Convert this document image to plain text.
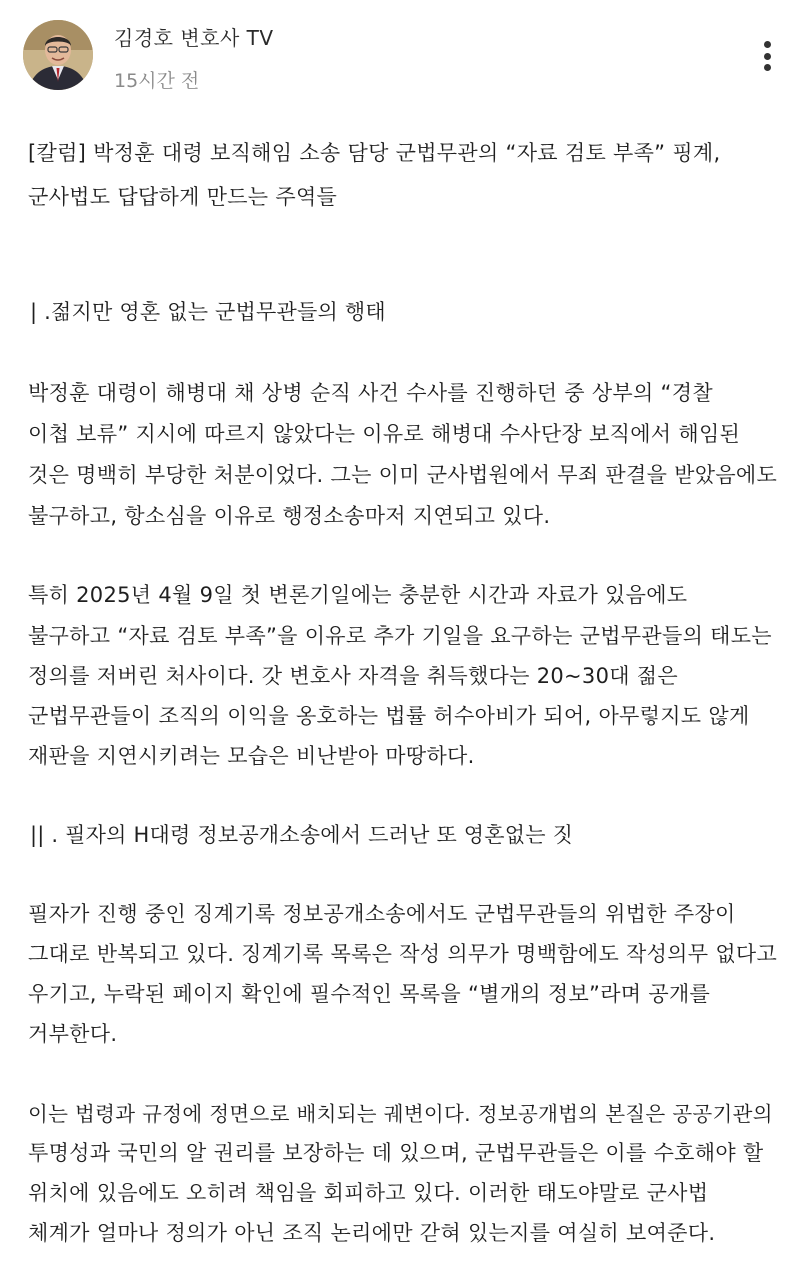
김경호 변호사 TV
15시간 전
[칼럼] 박정훈 대령 보직해임 소송 담당 군법무관의 “자료 검토 부족” 핑계,
군사법도 답답하게 만드는 주역들
| .젊지만 영혼 없는 군법무관들의 행태
박정훈 대령이 해병대 채 상병 순직 사건 수사를 진행하던 중 상부의 “경찰
이첩 보류” 지시에 따르지 않았다는 이유로 해병대 수사단장 보직에서 해임된
것은 명백히 부당한 처분이었다. 그는 이미 군사법원에서 무죄 판결을 받았음에도
불구하고, 항소심을 이유로 행정소송마저 지연되고 있다.
특히 2025년 4월 9일 첫 변론기일에는 충분한 시간과 자료가 있음에도
불구하고 “자료 검토 부족”을 이유로 추가 기일을 요구하는 군법무관들의 태도는
정의를 저버린 처사이다. 갓 변호사 자격을 취득했다는 20~30대 젊은
군법무관들이 조직의 이익을 옹호하는 법률 허수아비가 되어, 아무렇지도 않게
재판을 지연시키려는 모습은 비난받아 마땅하다.
|| . 필자의 H대령 정보공개소송에서 드러난 또 영혼없는 짓
필자가 진행 중인 징계기록 정보공개소송에서도 군법무관들의 위법한 주장이
그대로 반복되고 있다. 징계기록 목록은 작성 의무가 명백함에도 작성의무 없다고
우기고, 누락된 페이지 확인에 필수적인 목록을 “별개의 정보”라며 공개를
거부한다.
이는 법령과 규정에 정면으로 배치되는 궤변이다. 정보공개법의 본질은 공공기관의
투명성과 국민의 알 권리를 보장하는 데 있으며, 군법무관들은 이를 수호해야 할
위치에 있음에도 오히려 책임을 회피하고 있다. 이러한 태도야말로 군사법
체계가 얼마나 정의가 아닌 조직 논리에만 갇혀 있는지를 여실히 보여준다.
